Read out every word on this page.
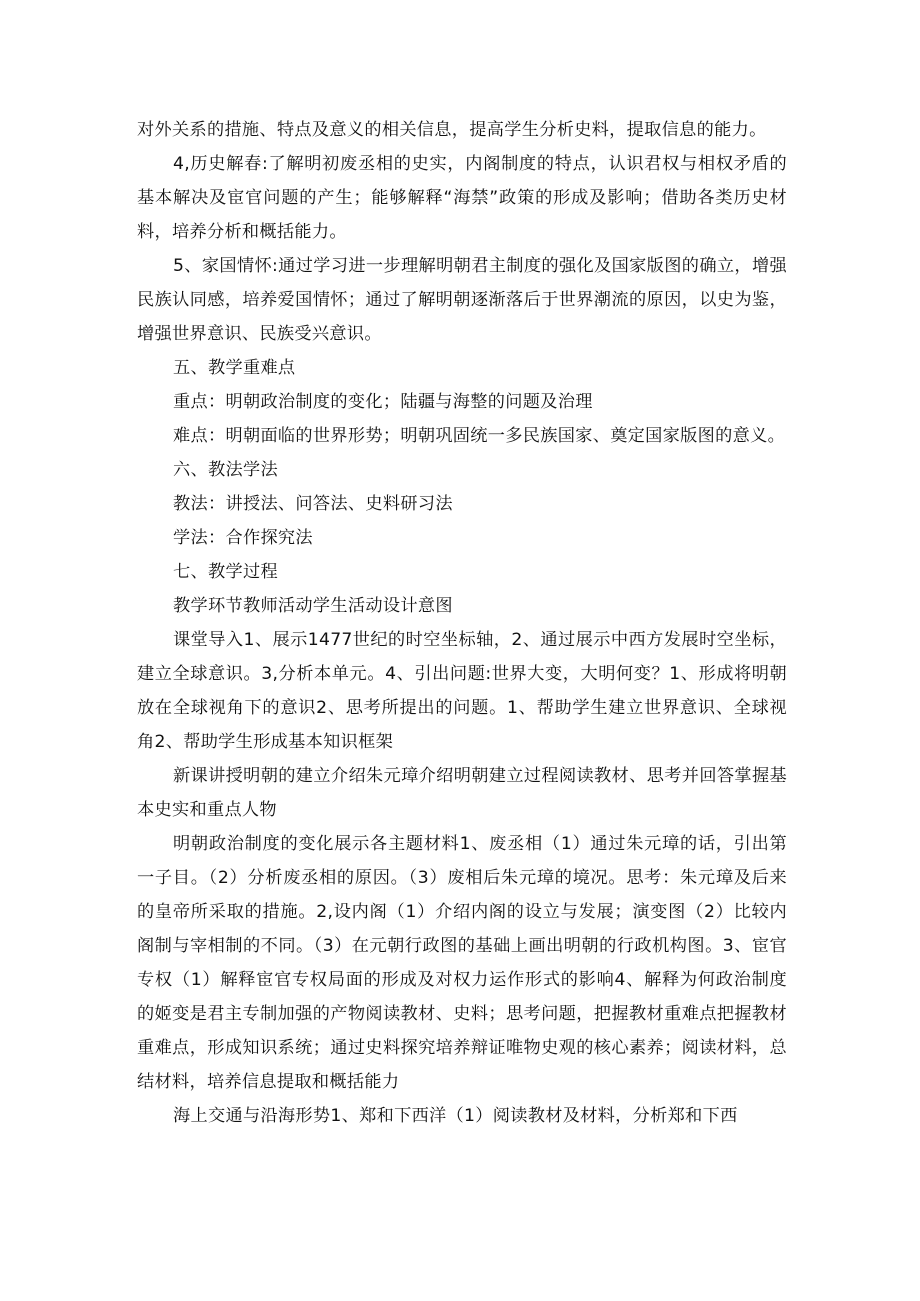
对外关系的措施、特点及意义的相关信息，提高学生分析史料，提取信息的能力。

4,历史解春:了解明初废丞相的史实，内阁制度的特点，认识君权与相权矛盾的基本解决及宦官问题的产生；能够解释“海禁”政策的形成及影响；借助各类历史材料，培养分析和概括能力。

5、家国情怀:通过学习进一步理解明朝君主制度的强化及国家版图的确立，增强民族认同感，培养爱国情怀；通过了解明朝逐渐落后于世界潮流的原因，以史为鉴，增强世界意识、民族受兴意识。

五、教学重难点

重点：明朝政治制度的变化；陆疆与海整的问题及治理

难点：明朝面临的世界形势；明朝巩固统一多民族国家、奠定国家版图的意义。

六、教法学法

教法：讲授法、问答法、史料研习法

学法：合作探究法

七、教学过程

教学环节教师活动学生活动设计意图

课堂导入1、展示1477世纪的时空坐标轴，2、通过展示中西方发展时空坐标，建立全球意识。3,分析本单元。4、引出问题:世界大变，大明何变？1、形成将明朝放在全球视角下的意识2、思考所提出的问题。1、帮助学生建立世界意识、全球视角2、帮助学生形成基本知识框架

新课讲授明朝的建立介绍朱元璋介绍明朝建立过程阅读教材、思考并回答掌握基本史实和重点人物

明朝政治制度的变化展示各主题材料1、废丞相（1）通过朱元璋的话，引出第一子目。（2）分析废丞相的原因。（3）废相后朱元璋的境况。思考：朱元璋及后来的皇帝所采取的措施。2,设内阁（1）介绍内阁的设立与发展；演变图（2）比较内阁制与宰相制的不同。（3）在元朝行政图的基础上画出明朝的行政机构图。3、宦官专权（1）解释宦官专权局面的形成及对权力运作形式的影响4、解释为何政治制度的姬变是君主专制加强的产物阅读教材、史料；思考问题，把握教材重难点把握教材重难点，形成知识系统；通过史料探究培养辩证唯物史观的核心素养；阅读材料，总结材料，培养信息提取和概括能力

海上交通与沿海形势1、郑和下西洋（1）阅读教材及材料，分析郑和下西
